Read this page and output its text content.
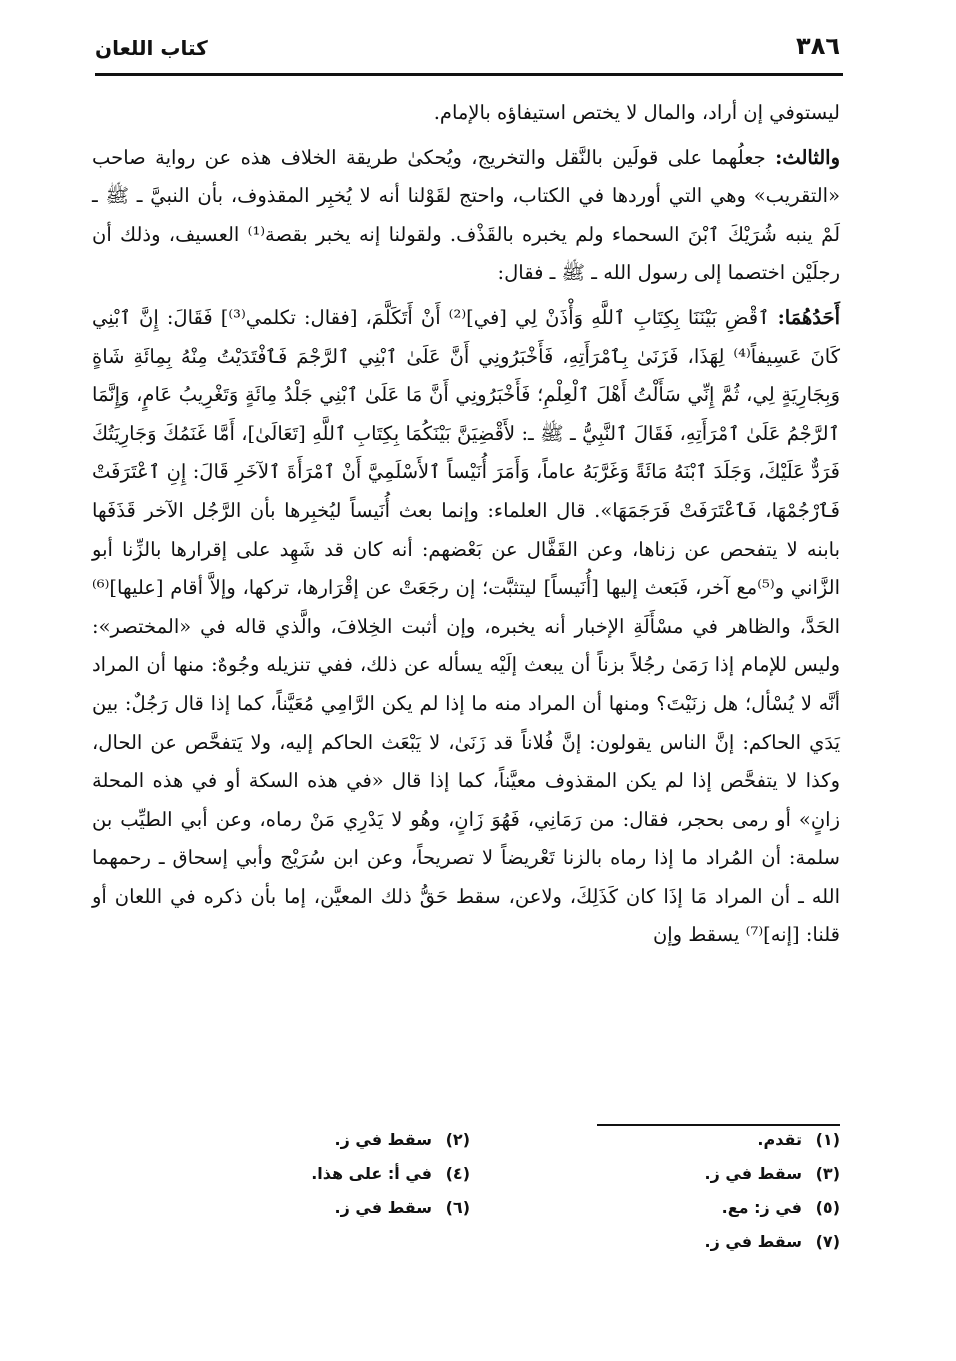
٣٨٦
كتاب اللعان

ليستوفي إن أراد، والمال لا يختص استيفاؤه بالإمام.

والثالث: جعلُهما على قولَين بالنَّقل والتخريج، ويُحكىٰ طريقة الخلاف هذه عن رواية صاحب «التقريب» وهي التي أوردها في الكتاب، واحتج لقَوْلنا أنه لا يُخبِر المقذوف، بأن النبيَّ ـ ﷺ ـ لَمْ ينبه شُرَيْكَ ٱبْنَ السحماء ولم يخبره بالقَذْف. ولقولنا إنه يخبر بقصة⁽¹⁾ العسيف، وذلك أن رجلَيْن اختصما إلى رسول الله ـ ﷺ ـ فقال:

أَحَدُهُمَا: ٱقْضِ بَيْنَنَا بِكِتَابِ ٱللَّهِ وَأْذَنْ لِي [في]⁽²⁾ أَنْ أَتَكَلَّمَ، [فقال: تكلمي⁽³⁾] فَقَالَ: إِنَّ ٱبْنِي كَانَ عَسِيفاً⁽⁴⁾ لِهَذَا، فَزَنَىٰ بِٱمْرَأَتِهِ، فَأَخْبَرُونِي أَنَّ عَلَىٰ ٱبْنِي ٱلرَّجْمَ فَٱفْتَدَيْتُ مِنْهُ بِمِائَةِ شَاةٍ وَبِجَارِيَةٍ لِي، ثُمَّ إِنِّي سَأَلْتُ أَهْلَ ٱلْعِلْمِ؛ فَأَخْبَرُونِي أَنَّ مَا عَلَىٰ ٱبْنِي جَلْدُ مِائَةٍ وَتَغْرِيبُ عَامٍ، وَإِنَّمَا ٱلرَّجْمُ عَلَىٰ ٱمْرَأَتِهِ، فَقَالَ ٱلنَّبِيُّ ـ ﷺ ـ: لأَقْضِيَنَّ بَيْنَكُمَا بِكِتَابِ ٱللَّهِ [تَعَالَىٰ]، أَمَّا غَنَمُكَ وَجَارِيَتُكَ فَرَدٌّ عَلَيْكَ، وَجَلَدَ ٱبْنَهُ مَائَةً وَغَرَّبَهُ عاماً، وَأَمَرَ أُنَيْساً ٱلأَسْلَمِيَّ أَنْ ٱمْرَأَةَ ٱلآخَرِ قَالَ: إِنِ ٱعْتَرَفَتْ فَٱرْجُمْهَا، فَٱعْتَرَفَتْ فَرَجَمَهَا». قال العلماء: وإنما بعث أُنَيساً ليُخبِرها بأن الرَّجُل الآخر قَذَفَها بابنه لا يتفحص عن زناها، وعن القَفَّال عن بَعْضهم: أنه كان قد شَهِد على إقرارها بالزِّنا أبو الزَّاني و⁽⁵⁾مع آخر، فَبَعث إليها [أُنَيساً] ليتثبَّت؛ إن رجَعَتْ عن إقْرَارها، تركها، وإلاَّ أقام [عليها]⁽⁶⁾ الحَدَّ، والظاهر في مسْأَلَةِ الإخبار أنه يخبره، وإن أثبت الخِلافَ، والَّذي قاله في «المختصر»: وليس للإمام إذا رَمَىٰ رجُلاً بزناً أن يبعث إلَيْه يسأله عن ذلك، ففي تنزيله وجُوهٌ: منها أن المراد أنَّه لا يُسْأل؛ هل زنَيْتَ؟ ومنها أن المراد منه ما إذا لم يكن الرَّامِي مُعَيَّناً، كما إذا قال رَجُلٌ: بين يَدَي الحاكم: إنَّ الناس يقولون: إنَّ فُلاناً قد زَنَىٰ، لا يَبْعَث الحاكم إليه، ولا يَتفحَّص عن الحال، وكذا لا يتفحَّص إذا لم يكن المقذوف معيَّناً، كما إذا قال «في هذه السكة أو في هذه المحلة زانٍ» أو رمى بحجر، فقال: من رَمَانِي، فَهُوَ زَانٍ، وهُو لا يَدْرِي مَنْ رماه، وعن أبي الطيِّب بن سلمة: أن المُراد ما إذا رماه بالزنا تَعْريضاً لا تصريحاً، وعن ابن سُرَيْج وأبي إسحاق ـ رحمهما الله ـ أن المراد مَا إذَا كان كَذَلِكَ، ولاعن، سقط حَقُّ ذلك المعيَّن، إما بأن ذكره في اللعان أو قلنا: [إنه]⁽⁷⁾ يسقط وإن

(١)تقدم.
(٢)سقط في ز.
(٣)سقط في ز.
(٤)في أ: على هذا.
(٥)في ز: مع.
(٦)سقط في ز.
(٧)سقط في ز.
